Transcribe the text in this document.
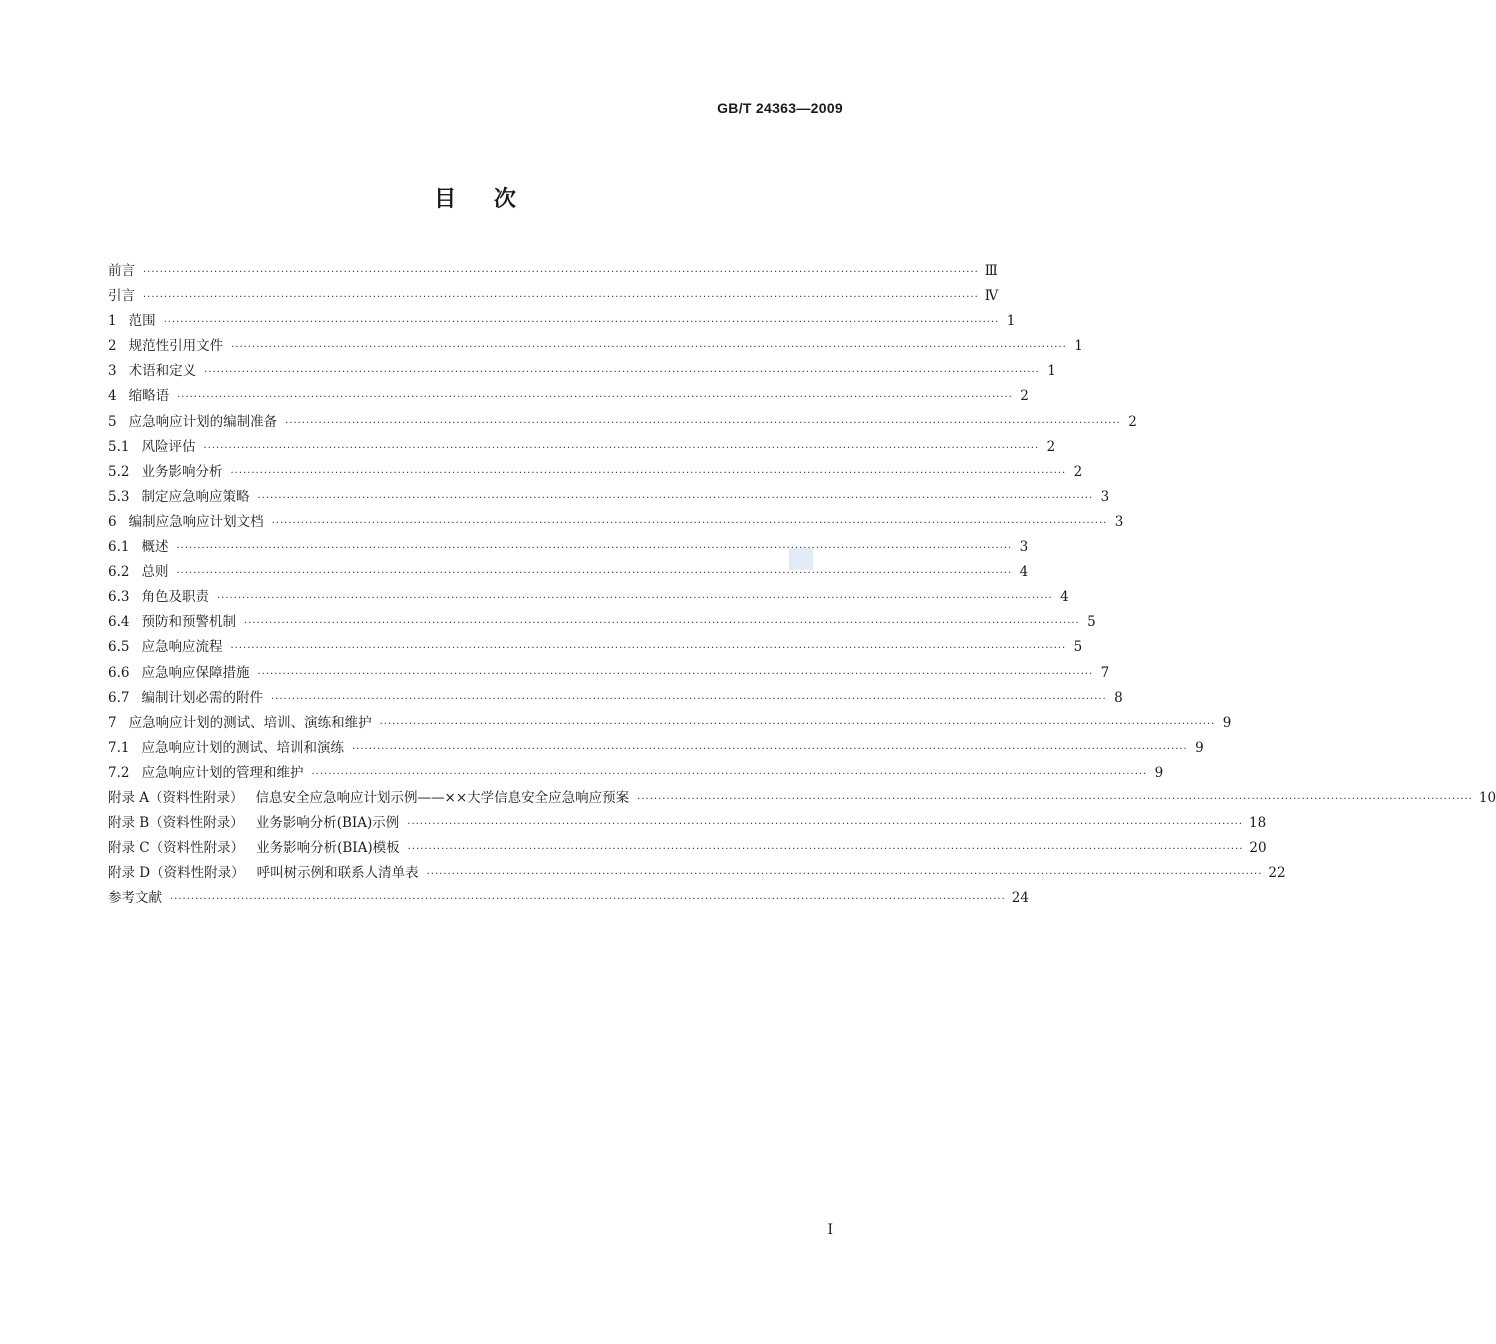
GB/T 24363—2009
目 次
前言 ········································································································································································································ Ⅲ
引言 ········································································································································································································ Ⅳ
1 范围 ········································································································································································································ 1
2 规范性引用文件 ········································································································································································································ 1
3 术语和定义 ········································································································································································································ 1
4 缩略语 ········································································································································································································ 2
5 应急响应计划的编制准备 ········································································································································································································ 2
5.1 风险评估 ········································································································································································································ 2
5.2 业务影响分析 ········································································································································································································ 2
5.3 制定应急响应策略 ········································································································································································································ 3
6 编制应急响应计划文档 ········································································································································································································ 3
6.1 概述 ········································································································································································································ 3
6.2 总则 ········································································································································································································ 4
6.3 角色及职责 ········································································································································································································ 4
6.4 预防和预警机制 ········································································································································································································ 5
6.5 应急响应流程 ········································································································································································································ 5
6.6 应急响应保障措施 ········································································································································································································ 7
6.7 编制计划必需的附件 ········································································································································································································ 8
7 应急响应计划的测试、培训、演练和维护 ········································································································································································································ 9
7.1 应急响应计划的测试、培训和演练 ········································································································································································································ 9
7.2 应急响应计划的管理和维护 ········································································································································································································ 9
附录 A（资料性附录） 信息安全应急响应计划示例——××大学信息安全应急响应预案 ········································································································································································································ 10
附录 B（资料性附录） 业务影响分析(BIA)示例 ········································································································································································································ 18
附录 C（资料性附录） 业务影响分析(BIA)模板 ········································································································································································································ 20
附录 D（资料性附录） 呼叫树示例和联系人清单表 ········································································································································································································ 22
参考文献 ········································································································································································································ 24
I
